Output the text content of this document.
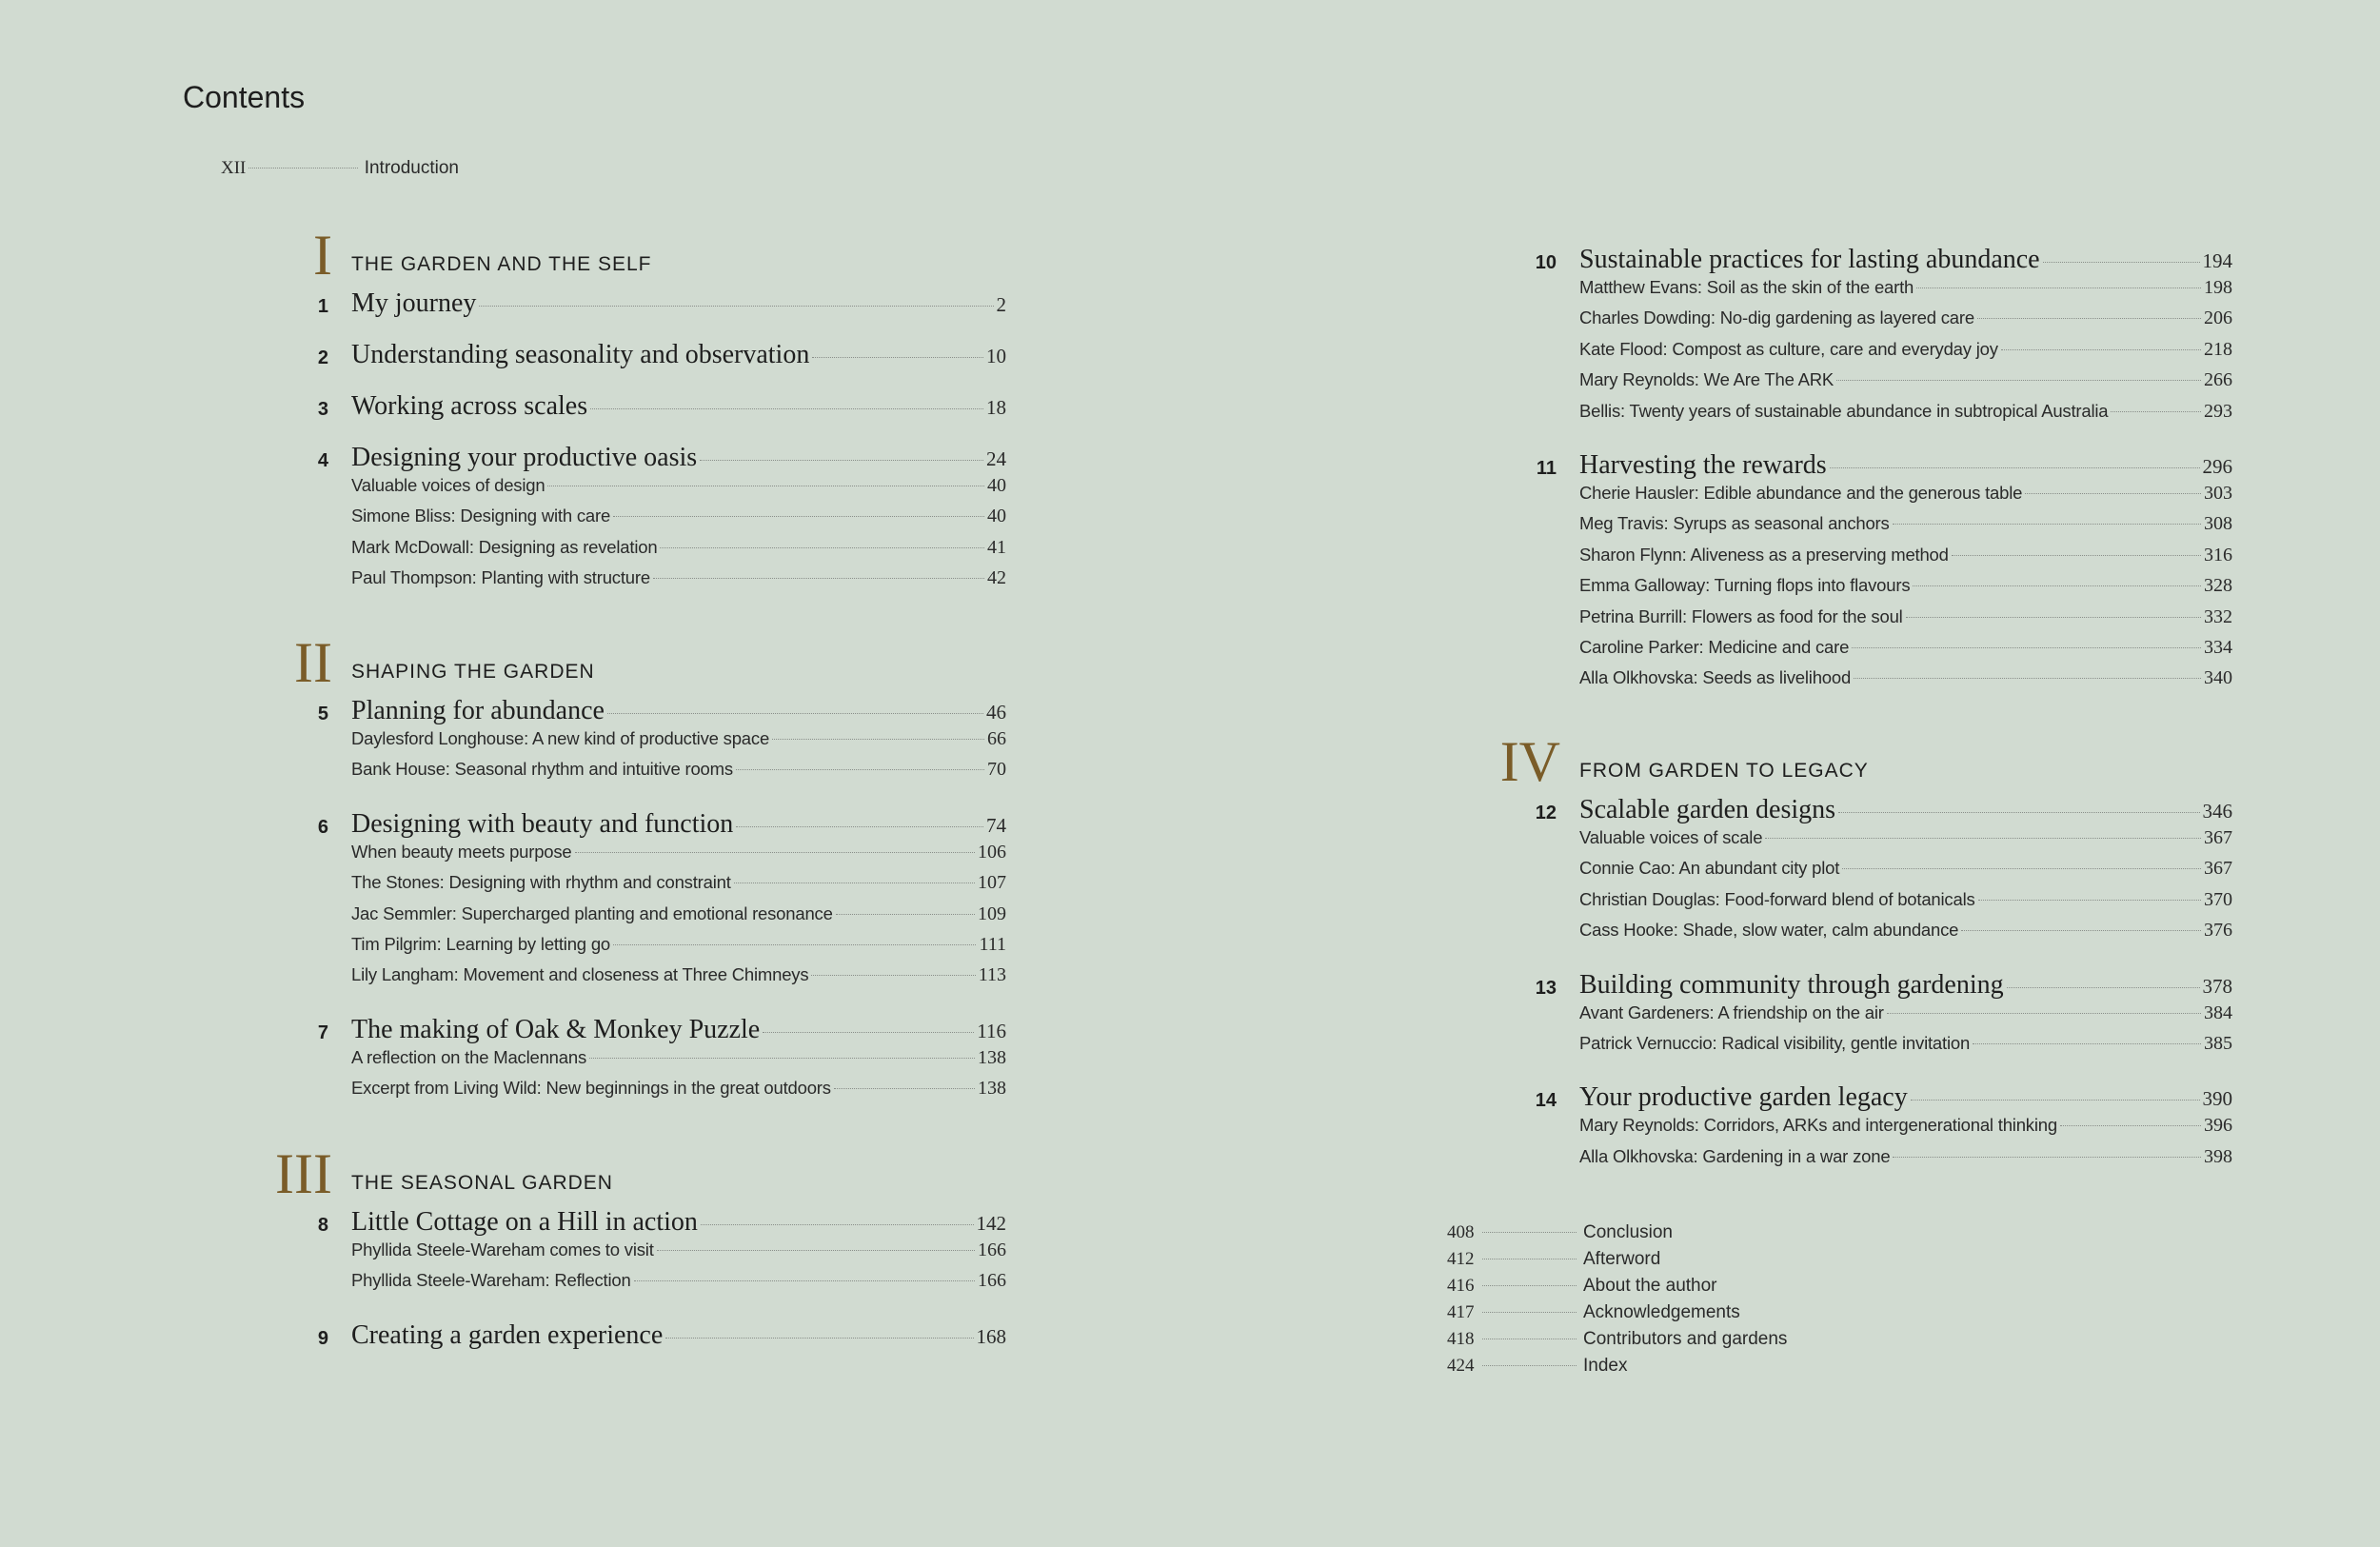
Contents
XII	Introduction
I THE GARDEN AND THE SELF
1 My journey	2
2 Understanding seasonality and observation	10
3 Working across scales	18
4 Designing your productive oasis	24
Valuable voices of design	40
Simone Bliss: Designing with care	40
Mark McDowall: Designing as revelation	41
Paul Thompson: Planting with structure	42
II SHAPING THE GARDEN
5 Planning for abundance	46
Daylesford Longhouse: A new kind of productive space	66
Bank House: Seasonal rhythm and intuitive rooms	70
6 Designing with beauty and function	74
When beauty meets purpose	106
The Stones: Designing with rhythm and constraint	107
Jac Semmler: Supercharged planting and emotional resonance	109
Tim Pilgrim: Learning by letting go	111
Lily Langham: Movement and closeness at Three Chimneys	113
7 The making of Oak & Monkey Puzzle	116
A reflection on the Maclennans	138
Excerpt from Living Wild: New beginnings in the great outdoors	138
III THE SEASONAL GARDEN
8 Little Cottage on a Hill in action	142
Phyllida Steele-Wareham comes to visit	166
Phyllida Steele-Wareham: Reflection	166
9 Creating a garden experience	168
10 Sustainable practices for lasting abundance	194
Matthew Evans: Soil as the skin of the earth	198
Charles Dowding: No-dig gardening as layered care	206
Kate Flood: Compost as culture, care and everyday joy	218
Mary Reynolds: We Are The ARK	266
Bellis: Twenty years of sustainable abundance in subtropical Australia	293
11 Harvesting the rewards	296
Cherie Hausler: Edible abundance and the generous table	303
Meg Travis: Syrups as seasonal anchors	308
Sharon Flynn: Aliveness as a preserving method	316
Emma Galloway: Turning flops into flavours	328
Petrina Burrill: Flowers as food for the soul	332
Caroline Parker: Medicine and care	334
Alla Olkhovska: Seeds as livelihood	340
IV FROM GARDEN TO LEGACY
12 Scalable garden designs	346
Valuable voices of scale	367
Connie Cao: An abundant city plot	367
Christian Douglas: Food-forward blend of botanicals	370
Cass Hooke: Shade, slow water, calm abundance	376
13 Building community through gardening	378
Avant Gardeners: A friendship on the air	384
Patrick Vernuccio: Radical visibility, gentle invitation	385
14 Your productive garden legacy	390
Mary Reynolds: Corridors, ARKs and intergenerational thinking	396
Alla Olkhovska: Gardening in a war zone	398
408	Conclusion
412	Afterword
416	About the author
417	Acknowledgements
418	Contributors and gardens
424	Index
